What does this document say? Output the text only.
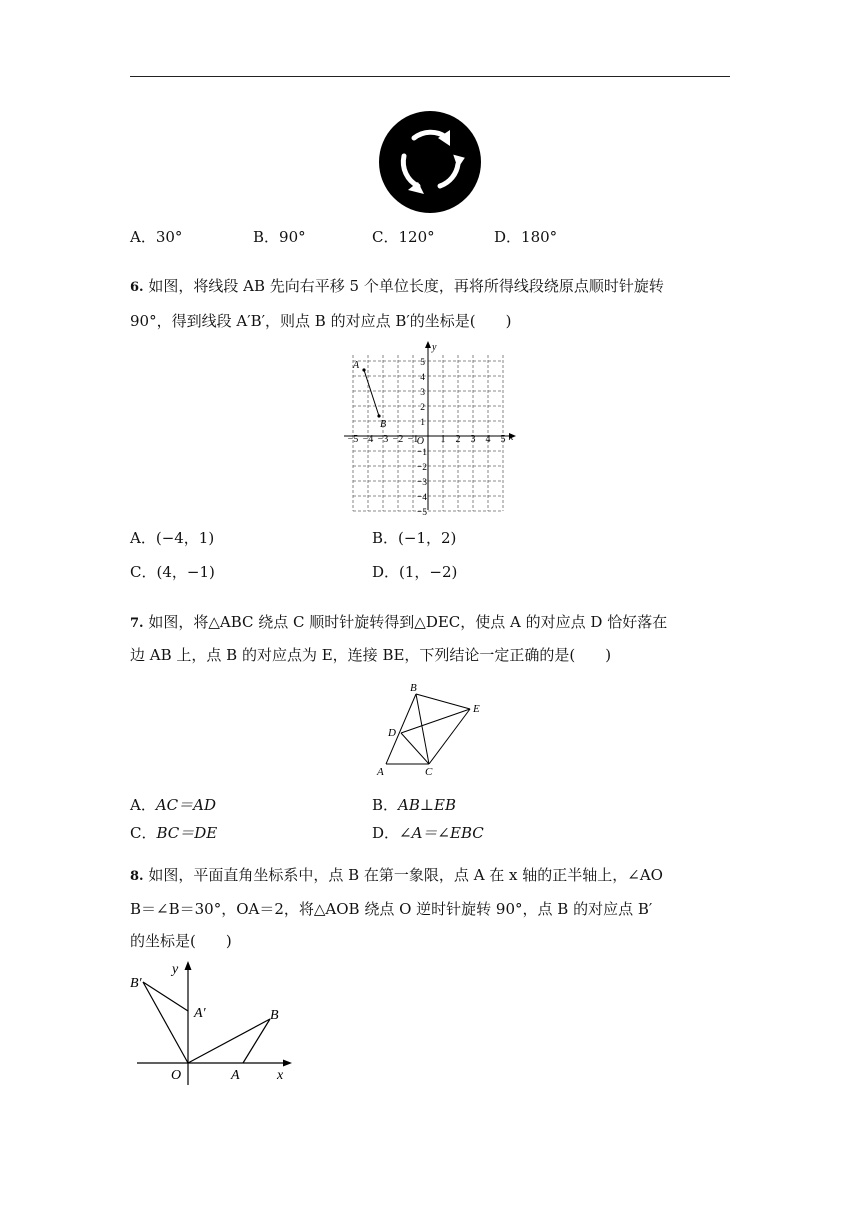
A．30°	B．90°	C．120°	D．180°
6. 如图，将线段 AB 先向右平移 5 个单位长度，再将所得线段绕原点顺时针旋转
90°，得到线段 A′B′，则点 B 的对应点 B′的坐标是(　　)
x
y
O
−5 −4 −3 −2 −1 1 2 3 4 5
5
4
3
2
1
−1
−2
−3
−4
−5
A
B
A．(−4，1)	B．(−1，2)
C．(4，−1)	D．(1，−2)
7. 如图，将△ABC 绕点 C 顺时针旋转得到△DEC，使点 A 的对应点 D 恰好落在
边 AB 上，点 B 的对应点为 E，连接 BE，下列结论一定正确的是(　　)
B
E
D
A	C
A．AC＝AD	B．AB⊥EB
C．BC＝DE	D．∠A＝∠EBC
8. 如图，平面直角坐标系中，点 B 在第一象限，点 A 在 x 轴的正半轴上，∠AO
B＝∠B＝30°，OA＝2，将△AOB 绕点 O 逆时针旋转 90°，点 B 的对应点 B′
的坐标是(　　)
B′
A′	B
A
O	x
y
